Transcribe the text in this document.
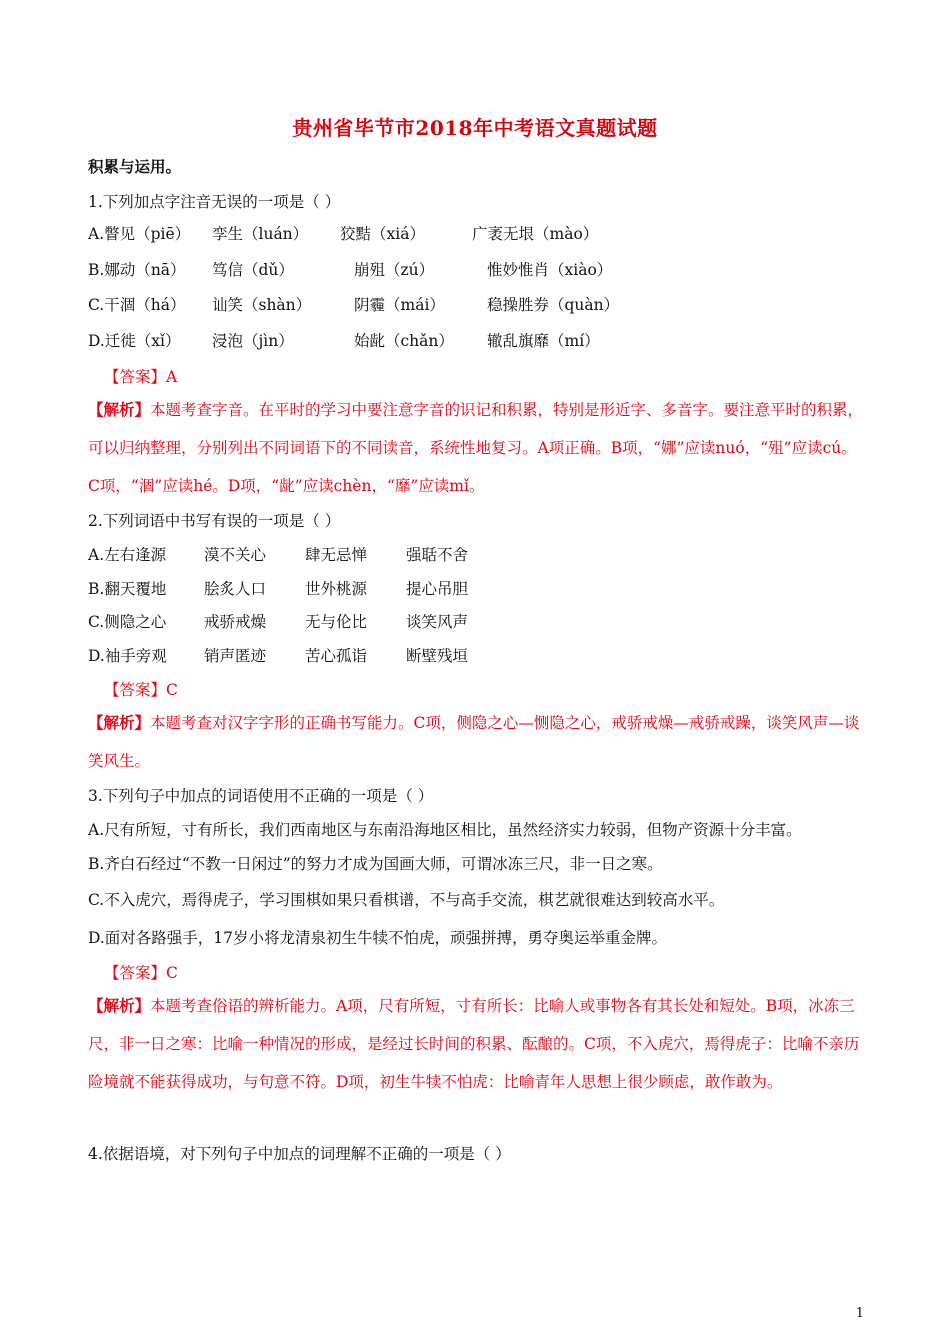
贵州省毕节市2018年中考语文真题试题
积累与运用。
1.下列加点字注音无误的一项是（ ）
A.瞥见（piē） 孪生（luán） 狡黠（xiá）	广袤无垠（mào）
B.娜动（nā） 笃信（dǔ）	崩殂（zú）	惟妙惟肖（xiào）
C.干涸（há） 讪笑（shàn）	阴霾（mái）	稳操胜券（quàn）
D.迁徙（xǐ） 浸泡（jìn）	始龀（chǎn） 辙乱旗靡（mí）
【答案】A
【解析】本题考查字音。在平时的学习中要注意字音的识记和积累，特别是形近字、多音字。要注意平时的积累，可以归纳整理，分别列出不同词语下的不同读音，系统性地复习。A项正确。B项，“娜”应读nuó，“殂”应读cú。C项，“涸”应读hé。D项，“龀”应读chèn，“靡”应读mǐ。
2.下列词语中书写有误的一项是（ ）
A.左右逢源 漠不关心	肆无忌惮	强聒不舍
B.翻天覆地 脍炙人口	世外桃源	提心吊胆
C.侧隐之心 戒骄戒燥	无与伦比	谈笑风声
D.袖手旁观 销声匿迹	苦心孤诣	断壁残垣
【答案】C
【解析】本题考查对汉字字形的正确书写能力。C项，侧隐之心—恻隐之心，戒骄戒燥—戒骄戒躁，谈笑风声—谈笑风生。
3.下列句子中加点的词语使用不正确的一项是（ ）
A.尺有所短，寸有所长，我们西南地区与东南沿海地区相比，虽然经济实力较弱，但物产资源十分丰富。
B.齐白石经过“不教一日闲过”的努力才成为国画大师，可谓冰冻三尺，非一日之寒。
C.不入虎穴，焉得虎子，学习围棋如果只看棋谱，不与高手交流，棋艺就很难达到较高水平。
D.面对各路强手，17岁小将龙清泉初生牛犊不怕虎，顽强拼搏，勇夺奥运举重金牌。
【答案】C
【解析】本题考查俗语的辨析能力。A项，尺有所短，寸有所长：比喻人或事物各有其长处和短处。B项，冰冻三尺，非一日之寒：比喻一种情况的形成，是经过长时间的积累、酝酿的。C项，不入虎穴，焉得虎子：比喻不亲历险境就不能获得成功，与句意不符。D项，初生牛犊不怕虎：比喻青年人思想上很少顾虑，敢作敢为。
4.依据语境，对下列句子中加点的词理解不正确的一项是（ ）
1
